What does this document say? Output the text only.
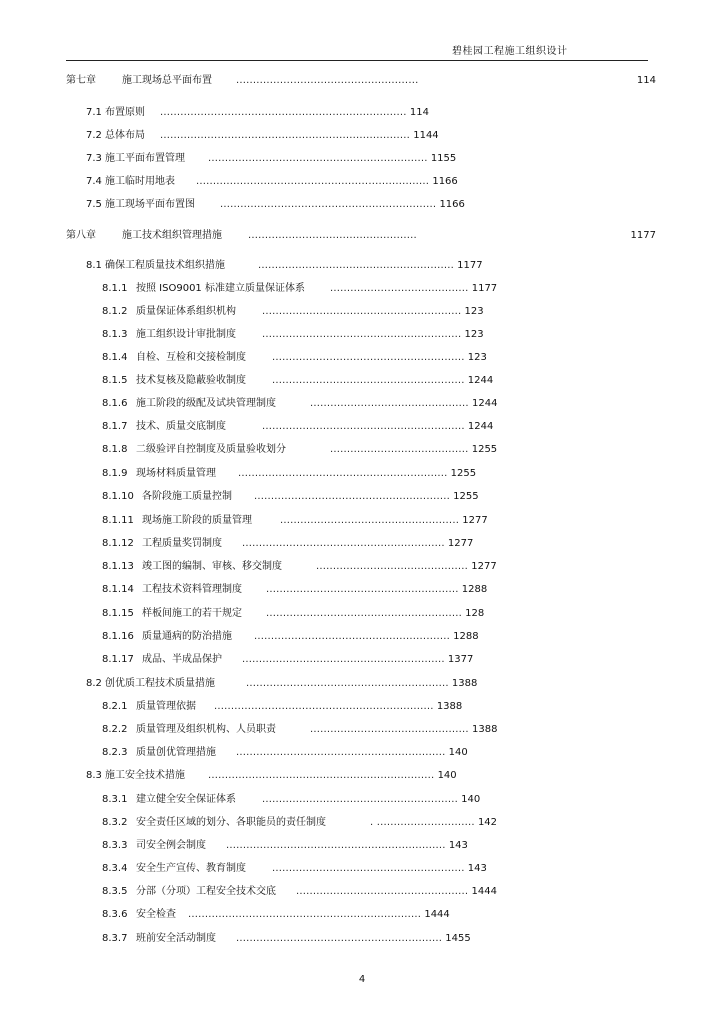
碧桂园工程施工组织设计
第七章	施工现场总平面布置 ......................................................	114
7.1 布置原则 ......................................................................... 114
7.2 总体布局 .......................................................................... 1144
7.3 施工平面布置管理 ................................................................. 1155
7.4 施工临时用地表 ..................................................................... 1166
7.5 施工现场平面布置图	................................................................ 1166
第八章	施工技术组织管理措施	..................................................	1177
8.1 确保工程质量技术组织措施	.......................................................... 1177
8.1.1 按照 ISO9001 标准建立质量保证体系	......................................... 1177
8.1.2 质量保证体系组织机构	........................................................... 123
8.1.3 施工组织设计审批制度	........................................................... 123
8.1.4 自检、互检和交接检制度	......................................................... 123
8.1.5 技术复核及隐蔽验收制度	......................................................... 1244
8.1.6 施工阶段的级配及试块管理制度	............................................... 1244
8.1.7 技术、质量交底制度	............................................................ 1244
8.1.8 二级验评自控制度及质量验收划分	......................................... 1255
8.1.9 现场材料质量管理 .............................................................. 1255
8.1.10 各阶段施工质量控制 .......................................................... 1255
8.1.11 现场施工阶段的质量管理	..................................................... 1277
8.1.12 工程质量奖罚制度 ............................................................ 1277
8.1.13 竣工图的编制、审核、移交制度	............................................. 1277
8.1.14 工程技术资料管理制度 ......................................................... 1288
8.1.15 样板间施工的若干规定 .......................................................... 128
8.1.16 质量通病的防治措施 .......................................................... 1288
8.1.17 成品、半成品保护 ............................................................ 1377
8.2 创优质工程技术质量措施	............................................................ 1388
8.2.1 质量管理依据 ................................................................. 1388
8.2.2 质量管理及组织机构、人员职责	............................................... 1388
8.2.3 质量创优管理措施 .............................................................. 140
8.3 施工安全技术措施 ................................................................... 140
8.3.1 建立健全安全保证体系	.......................................................... 140
8.3.2 安全责任区域的划分、各职能员的责任制度	. ............................. 142
8.3.3 司安全例会制度 ................................................................. 143
8.3.4 安全生产宣传、教育制度	......................................................... 143
8.3.5 分部（分项）工程安全技术交底 ................................................... 1444
8.3.6 安全检查 ..................................................................... 1444
8.3.7 班前安全活动制度 ............................................................. 1455
4
